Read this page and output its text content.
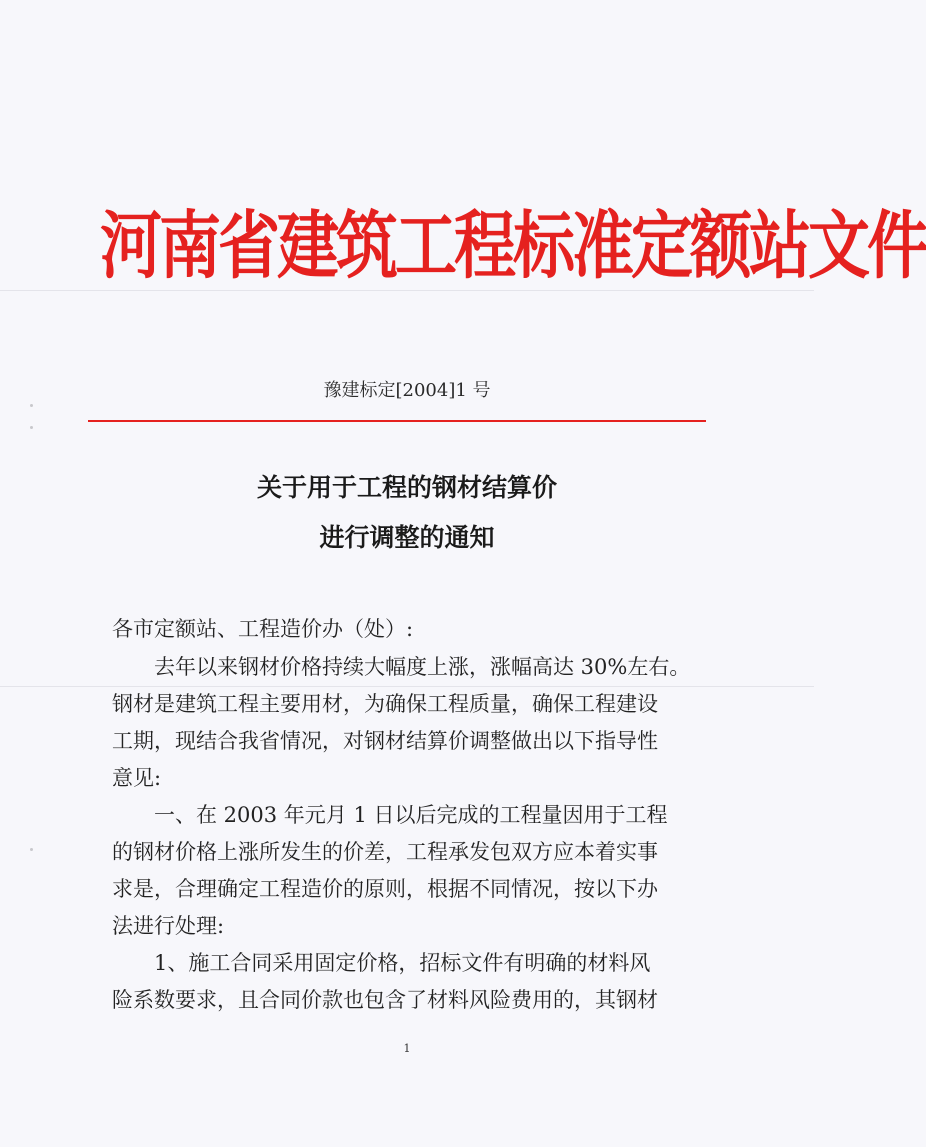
河南省建筑工程标准定额站文件
豫建标定[2004]1 号
关于用于工程的钢材结算价
进行调整的通知
各市定额站、工程造价办（处）:
　　去年以来钢材价格持续大幅度上涨，涨幅高达 30%左右。
钢材是建筑工程主要用材，为确保工程质量，确保工程建设
工期，现结合我省情况，对钢材结算价调整做出以下指导性
意见:
　　一、在 2003 年元月 1 日以后完成的工程量因用于工程
的钢材价格上涨所发生的价差，工程承发包双方应本着实事
求是，合理确定工程造价的原则，根据不同情况，按以下办
法进行处理:
　　1、施工合同采用固定价格，招标文件有明确的材料风
险系数要求，且合同价款也包含了材料风险费用的，其钢材
1
